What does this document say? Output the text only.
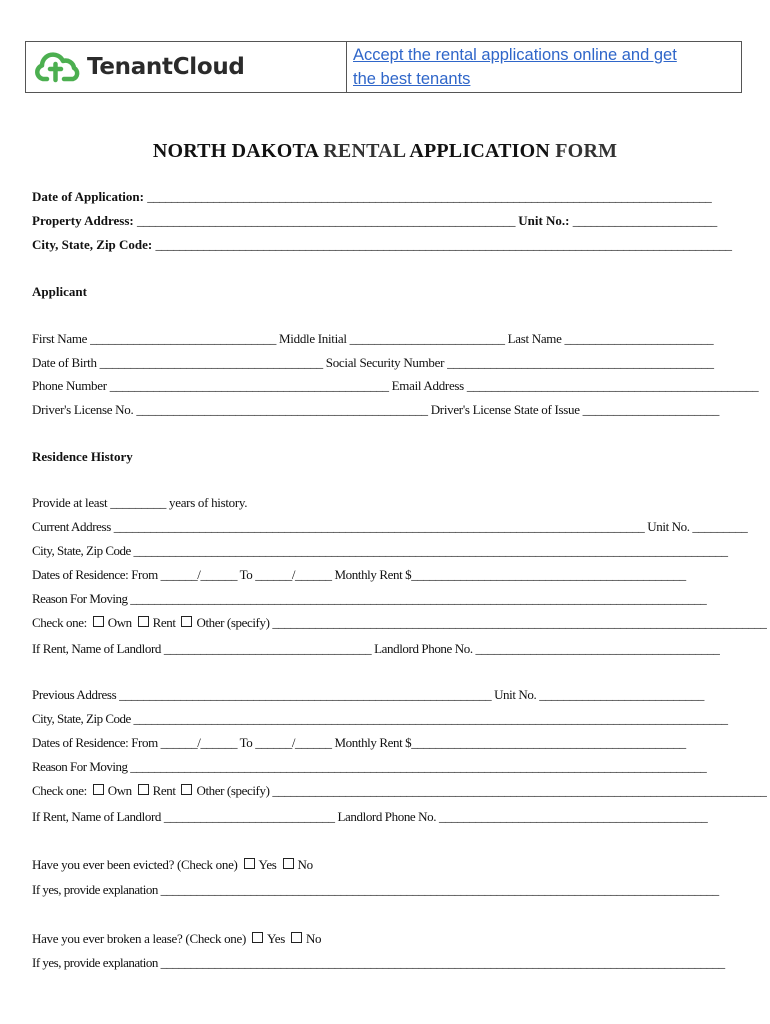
TenantCloud	Accept the rental applications online and get
the best tenants
NORTH DAKOTA RENTAL APPLICATION FORM
Date of Application: ______________________________________________________________________________________________
Property Address: _______________________________________________________________ Unit No.: ________________________
City, State, Zip Code: ________________________________________________________________________________________________
Applicant
First Name ______________________________ Middle Initial _________________________ Last Name ________________________
Date of Birth ____________________________________ Social Security Number ___________________________________________
Phone Number _____________________________________________ Email Address _______________________________________________
Driver's License No. _______________________________________________ Driver's License State of Issue ______________________
Residence History
Provide at least _________ years of history.
Current Address _______________________________________________________________________________________ Unit No. _________
City, State, Zip Code ___________________________________________________________________________________________________
Dates of Residence: From ______/______ To ______/______ Monthly Rent $_____________________________________________
Reason For Moving ________________________________________________________________________________________________
Check one: Own Rent Other (specify) _________________________________________________________________________________
If Rent, Name of Landlord __________________________________ Landlord Phone No. ________________________________________
Previous Address _____________________________________________________________ Unit No. ___________________________
City, State, Zip Code ___________________________________________________________________________________________________
Dates of Residence: From ______/______ To ______/______ Monthly Rent $_____________________________________________
Reason For Moving ________________________________________________________________________________________________
Check one: Own Rent Other (specify) _________________________________________________________________________________
If Rent, Name of Landlord ____________________________ Landlord Phone No. ____________________________________________
Have you ever been evicted? (Check one) Yes No
If yes, provide explanation _____________________________________________________________________________________________
Have you ever broken a lease? (Check one) Yes No
If yes, provide explanation ______________________________________________________________________________________________
